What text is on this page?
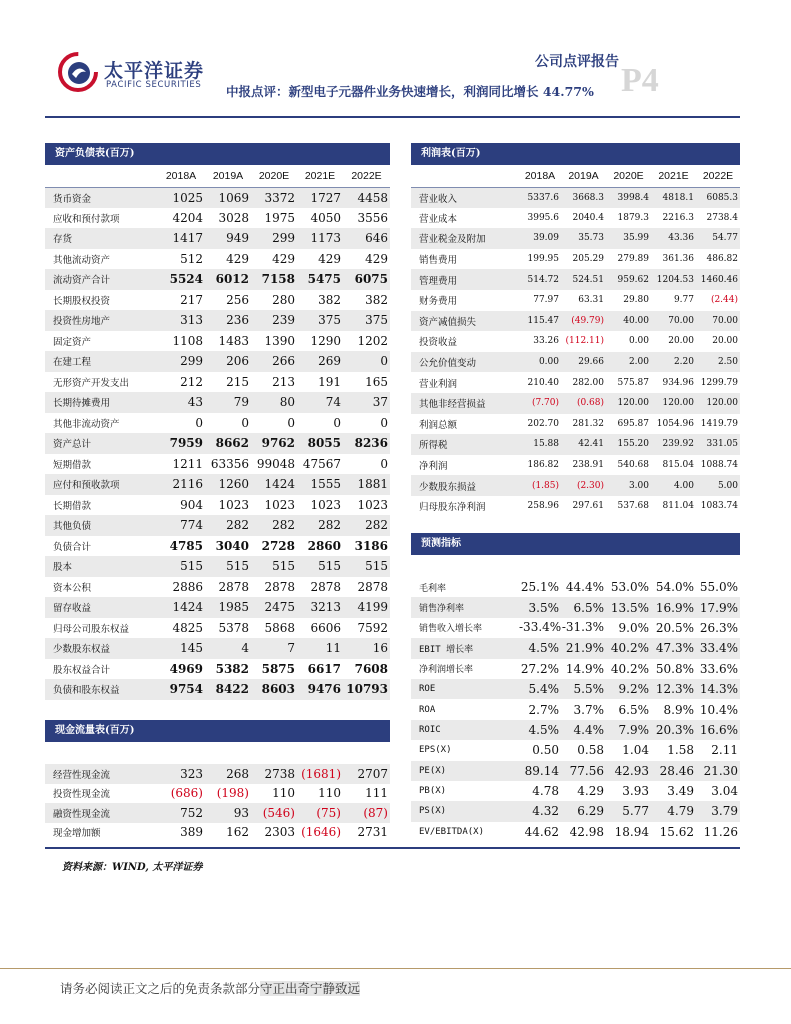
太平洋证券
PACIFIC SECURITIES
公司点评报告 P4
中报点评：新型电子元器件业务快速增长，利润同比增长 44.77%
资产负债表(百万)
	2018A	2019A	2020E	2021E	2022E
货币资金	1025	1069	3372	1727	4458
应收和预付款项	4204	3028	1975	4050	3556
存货	1417	949	299	1173	646
其他流动资产	512	429	429	429	429
流动资产合计	5524	6012	7158	5475	6075
长期股权投资	217	256	280	382	382
投资性房地产	313	236	239	375	375
固定资产	1108	1483	1390	1290	1202
在建工程	299	206	266	269	0
无形资产开发支出	212	215	213	191	165
长期待摊费用	43	79	80	74	37
其他非流动资产	0	0	0	0	0
资产总计	7959	8662	9762	8055	8236
短期借款	1211	63356	99048	47567	0
应付和预收款项	2116	1260	1424	1555	1881
长期借款	904	1023	1023	1023	1023
其他负债	774	282	282	282	282
负债合计	4785	3040	2728	2860	3186
股本	515	515	515	515	515
资本公积	2886	2878	2878	2878	2878
留存收益	1424	1985	2475	3213	4199
归母公司股东权益	4825	5378	5868	6606	7592
少数股东权益	145	4	7	11	16
股东权益合计	4969	5382	5875	6617	7608
负债和股东权益	9754	8422	8603	9476	10793
现金流量表(百万)
经营性现金流	323	268	2738	(1681)	2707
投资性现金流	(686)	(198)	110	110	111
融资性现金流	752	93	(546)	(75)	(87)
现金增加额	389	162	2303	(1646)	2731
利润表(百万)
	2018A	2019A	2020E	2021E	2022E
营业收入	5337.6	3668.3	3998.4	4818.1	6085.3
营业成本	3995.6	2040.4	1879.3	2216.3	2738.4
营业税金及附加	39.09	35.73	35.99	43.36	54.77
销售费用	199.95	205.29	279.89	361.36	486.82
管理费用	514.72	524.51	959.62	1204.53	1460.46
财务费用	77.97	63.31	29.80	9.77	(2.44)
资产减值损失	115.47	(49.79)	40.00	70.00	70.00
投资收益	33.26	(112.11)	0.00	20.00	20.00
公允价值变动	0.00	29.66	2.00	2.20	2.50
营业利润	210.40	282.00	575.87	934.96	1299.79
其他非经营损益	(7.70)	(0.68)	120.00	120.00	120.00
利润总额	202.70	281.32	695.87	1054.96	1419.79
所得税	15.88	42.41	155.20	239.92	331.05
净利润	186.82	238.91	540.68	815.04	1088.74
少数股东损益	(1.85)	(2.30)	3.00	4.00	5.00
归母股东净利润	258.96	297.61	537.68	811.04	1083.74
预测指标
毛利率	25.1%	44.4%	53.0%	54.0%	55.0%
销售净利率	3.5%	6.5%	13.5%	16.9%	17.9%
销售收入增长率	-33.4%	-31.3%	9.0%	20.5%	26.3%
EBIT 增长率	4.5%	21.9%	40.2%	47.3%	33.4%
净利润增长率	27.2%	14.9%	40.2%	50.8%	33.6%
ROE	5.4%	5.5%	9.2%	12.3%	14.3%
ROA	2.7%	3.7%	6.5%	8.9%	10.4%
ROIC	4.5%	4.4%	7.9%	20.3%	16.6%
EPS(X)	0.50	0.58	1.04	1.58	2.11
PE(X)	89.14	77.56	42.93	28.46	21.30
PB(X)	4.78	4.29	3.93	3.49	3.04
PS(X)	4.32	6.29	5.77	4.79	3.79
EV/EBITDA(X)	44.62	42.98	18.94	15.62	11.26
资料来源：WIND, 太平洋证券
请务必阅读正文之后的免责条款部分守正出奇宁静致远
